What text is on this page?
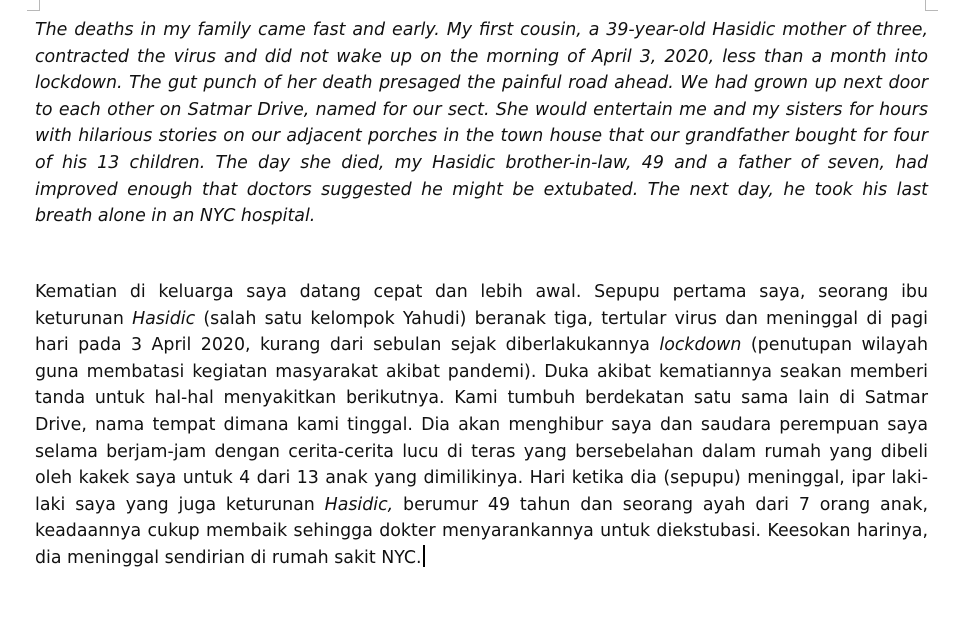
The deaths in my family came fast and early. My first cousin, a 39-year-old Hasidic mother of three, contracted the virus and did not wake up on the morning of April 3, 2020, less than a month into lockdown. The gut punch of her death presaged the painful road ahead. We had grown up next door to each other on Satmar Drive, named for our sect. She would entertain me and my sisters for hours with hilarious stories on our adjacent porches in the town house that our grandfather bought for four of his 13 children. The day she died, my Hasidic brother-in-law, 49 and a father of seven, had improved enough that doctors suggested he might be extubated. The next day, he took his last breath alone in an NYC hospital.

Kematian di keluarga saya datang cepat dan lebih awal. Sepupu pertama saya, seorang ibu keturunan Hasidic (salah satu kelompok Yahudi) beranak tiga, tertular virus dan meninggal di pagi hari pada 3 April 2020, kurang dari sebulan sejak diberlakukannya lockdown (penutupan wilayah guna membatasi kegiatan masyarakat akibat pandemi). Duka akibat kematiannya seakan memberi tanda untuk hal-hal menyakitkan berikutnya. Kami tumbuh berdekatan satu sama lain di Satmar Drive, nama tempat dimana kami tinggal. Dia akan menghibur saya dan saudara perempuan saya selama berjam-jam dengan cerita-cerita lucu di teras yang bersebelahan dalam rumah yang dibeli oleh kakek saya untuk 4 dari 13 anak yang dimilikinya. Hari ketika dia (sepupu) meninggal, ipar laki-laki saya yang juga keturunan Hasidic, berumur 49 tahun dan seorang ayah dari 7 orang anak, keadaannya cukup membaik sehingga dokter menyarankannya untuk diekstubasi. Keesokan harinya, dia meninggal sendirian di rumah sakit NYC.
